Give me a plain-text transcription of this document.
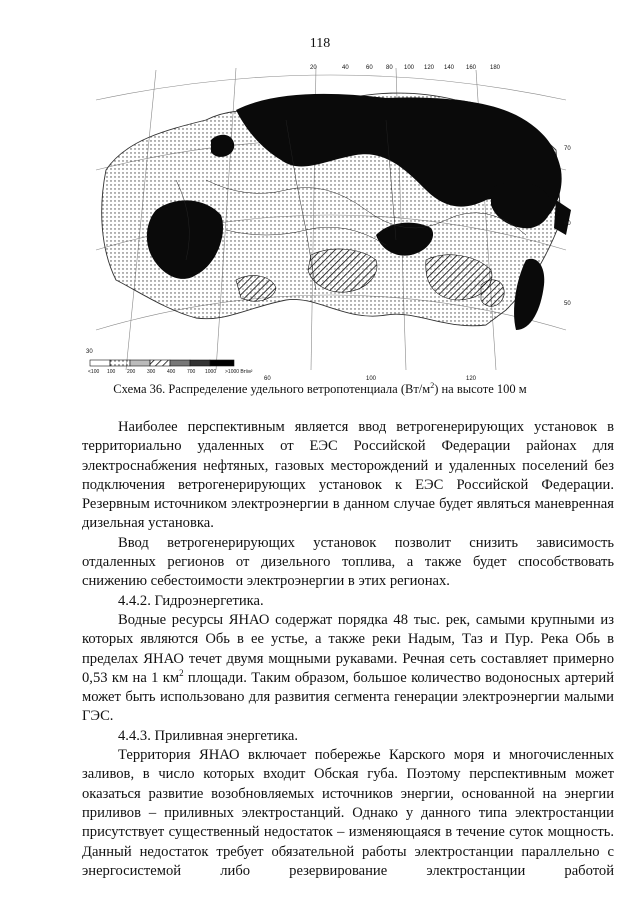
118
20	40	60 80 100 120 140 160 180
70
60
50
30
60	100	120
<100 100 200 300 400 700 1000 >1000 Вт/м²
Схема 36. Распределение удельного ветропотенциала $(Вт/м^2)$ на высоте 100 м

Наиболее перспективным является ввод ветрогенерирующих установок в территориально удаленных от ЕЭС Российской Федерации районах для электроснабжения нефтяных, газовых месторождений и удаленных поселений без подключения ветрогенерирующих установок к ЕЭС Российской Федерации. Резервным источником электроэнергии в данном случае будет являться маневренная дизельная установка.

Ввод ветрогенерирующих установок позволит снизить зависимость отдаленных регионов от дизельного топлива, а также будет способствовать снижению себестоимости электроэнергии в этих регионах.

4.4.2. Гидроэнергетика.

Водные ресурсы ЯНАО содержат порядка 48 тыс. рек, самыми крупными из которых являются Обь в ее устье, а также реки Надым, Таз и Пур. Река Обь в пределах ЯНАО течет двумя мощными рукавами. Речная сеть составляет примерно 0,53 км на 1 $км^2$ площади. Таким образом, большое количество водоносных артерий может быть использовано для развития сегмента генерации электроэнергии малыми ГЭС.

4.4.3. Приливная энергетика.

Территория ЯНАО включает побережье Карского моря и многочисленных заливов, в число которых входит Обская губа. Поэтому перспективным может оказаться развитие возобновляемых источников энергии, основанной на энергии приливов – приливных электростанций. Однако у данного типа электростанции присутствует существенный недостаток – изменяющаяся в течение суток мощность. Данный недостаток требует обязательной работы электростанции параллельно с энергосистемой либо резервирование электростанции работой
